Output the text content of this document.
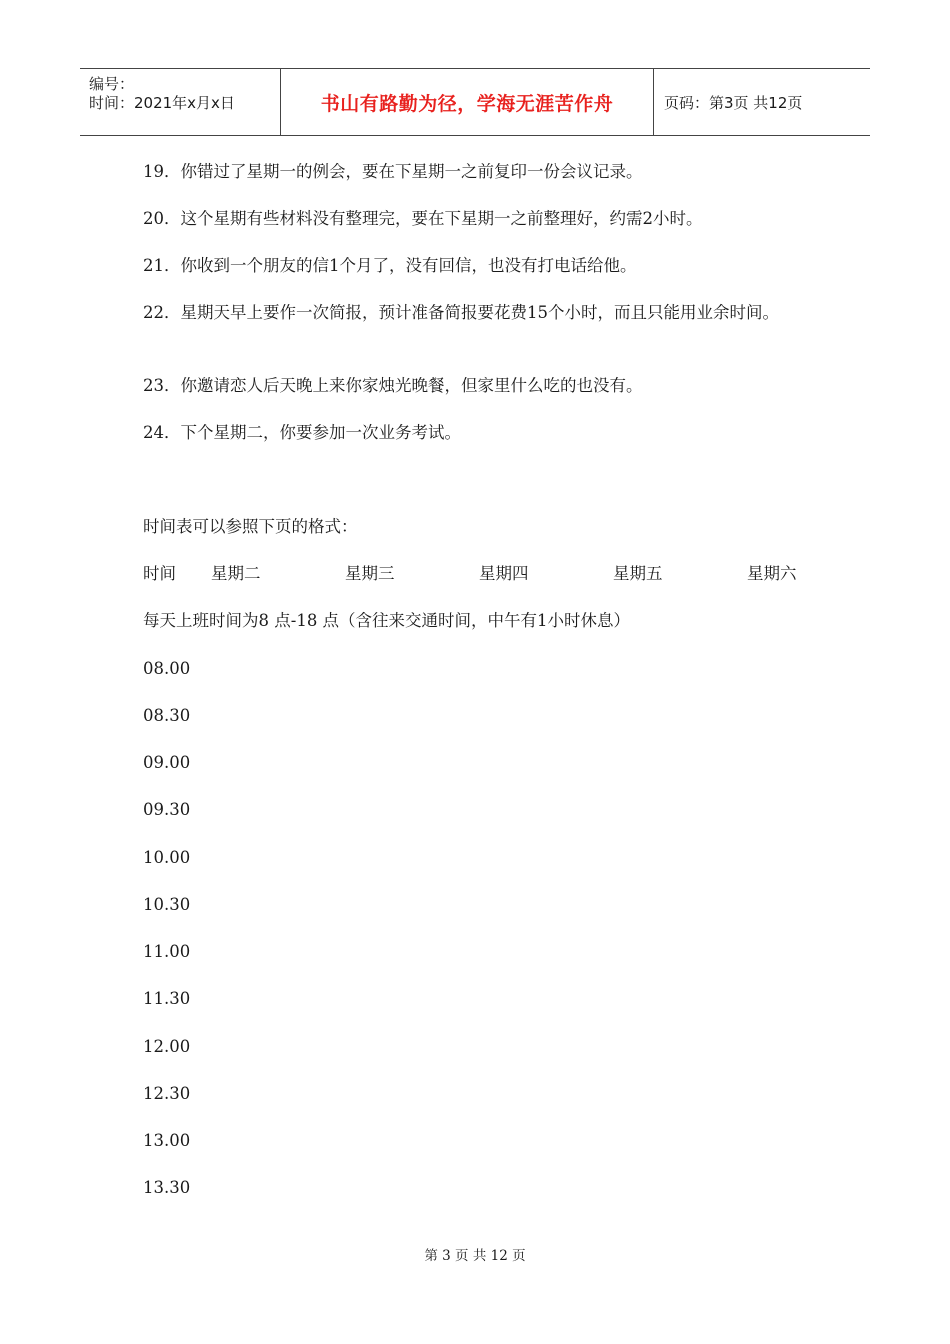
编号：
时间：2021年x月x日	书山有路勤为径，学海无涯苦作舟	页码：第3页 共12页
19．你错过了星期一的例会，要在下星期一之前复印一份会议记录。
20．这个星期有些材料没有整理完，要在下星期一之前整理好，约需2小时。
21．你收到一个朋友的信1个月了，没有回信，也没有打电话给他。
22．星期天早上要作一次简报，预计准备简报要花费15个小时，而且只能用业余时间。
23．你邀请恋人后天晚上来你家烛光晚餐，但家里什么吃的也没有。
24．下个星期二，你要参加一次业务考试。
时间表可以参照下页的格式：
时间 星期二	星期三	星期四	星期五	星期六
每天上班时间为8 点-18 点（含往来交通时间，中午有1小时休息）
08.00
08.30
09.00
09.30
10.00
10.30
11.00
11.30
12.00
12.30
13.00
13.30
第 3 页 共 12 页
